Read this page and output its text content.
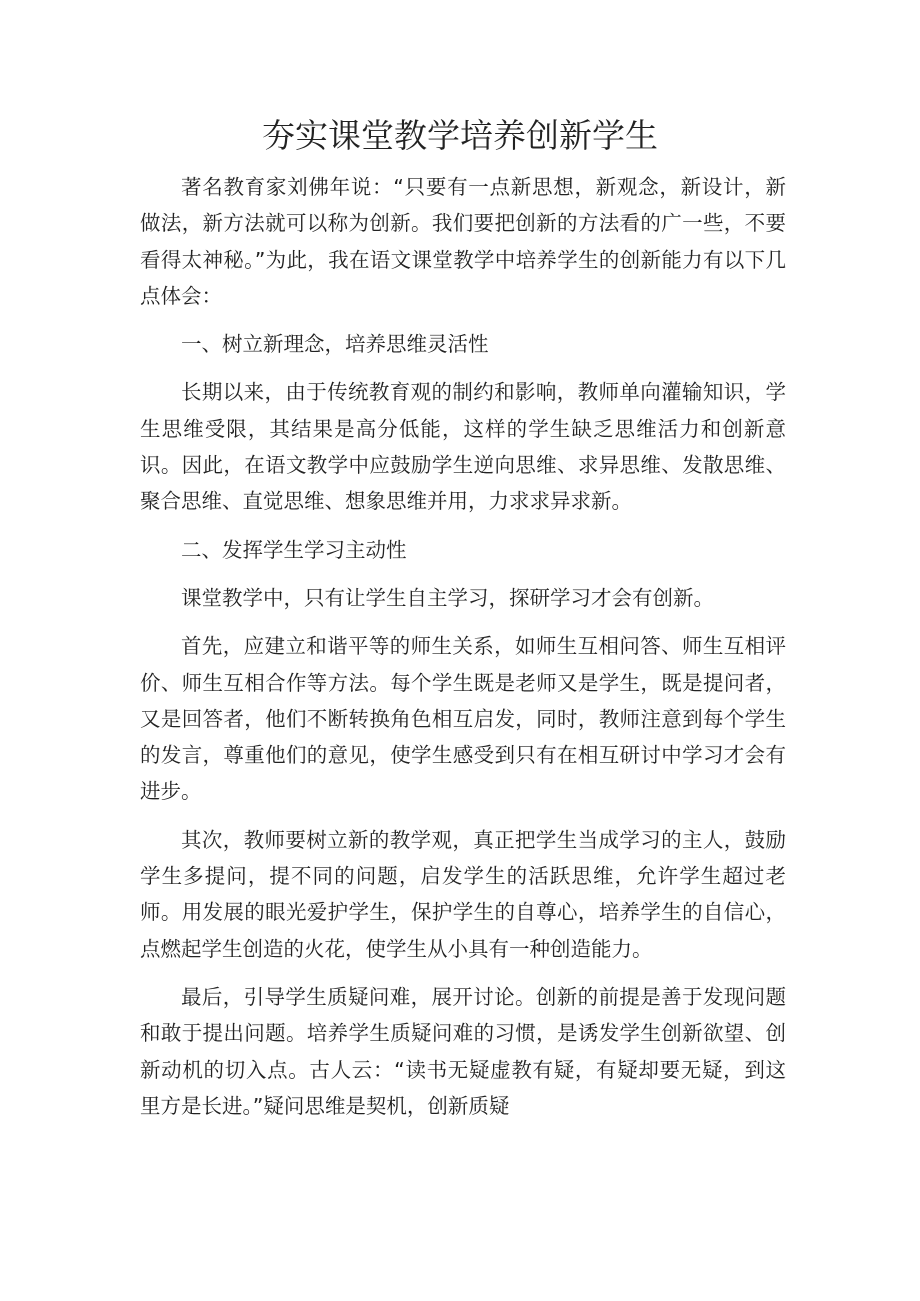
夯实课堂教学培养创新学生

著名教育家刘佛年说：“只要有一点新思想，新观念，新设计，新做法，新方法就可以称为创新。我们要把创新的方法看的广一些，不要看得太神秘。”为此，我在语文课堂教学中培养学生的创新能力有以下几点体会：

一、树立新理念，培养思维灵活性

长期以来，由于传统教育观的制约和影响，教师单向灌输知识，学生思维受限，其结果是高分低能，这样的学生缺乏思维活力和创新意识。因此，在语文教学中应鼓励学生逆向思维、求异思维、发散思维、聚合思维、直觉思维、想象思维并用，力求求异求新。

二、发挥学生学习主动性

课堂教学中，只有让学生自主学习，探研学习才会有创新。

首先，应建立和谐平等的师生关系，如师生互相问答、师生互相评价、师生互相合作等方法。每个学生既是老师又是学生，既是提问者，又是回答者，他们不断转换角色相互启发，同时，教师注意到每个学生的发言，尊重他们的意见，使学生感受到只有在相互研讨中学习才会有进步。

其次，教师要树立新的教学观，真正把学生当成学习的主人，鼓励学生多提问，提不同的问题，启发学生的活跃思维，允许学生超过老师。用发展的眼光爱护学生，保护学生的自尊心，培养学生的自信心，点燃起学生创造的火花，使学生从小具有一种创造能力。

最后，引导学生质疑问难，展开讨论。创新的前提是善于发现问题和敢于提出问题。培养学生质疑问难的习惯，是诱发学生创新欲望、创新动机的切入点。古人云：“读书无疑虚教有疑，有疑却要无疑，到这里方是长进。”疑问思维是契机，创新质疑
